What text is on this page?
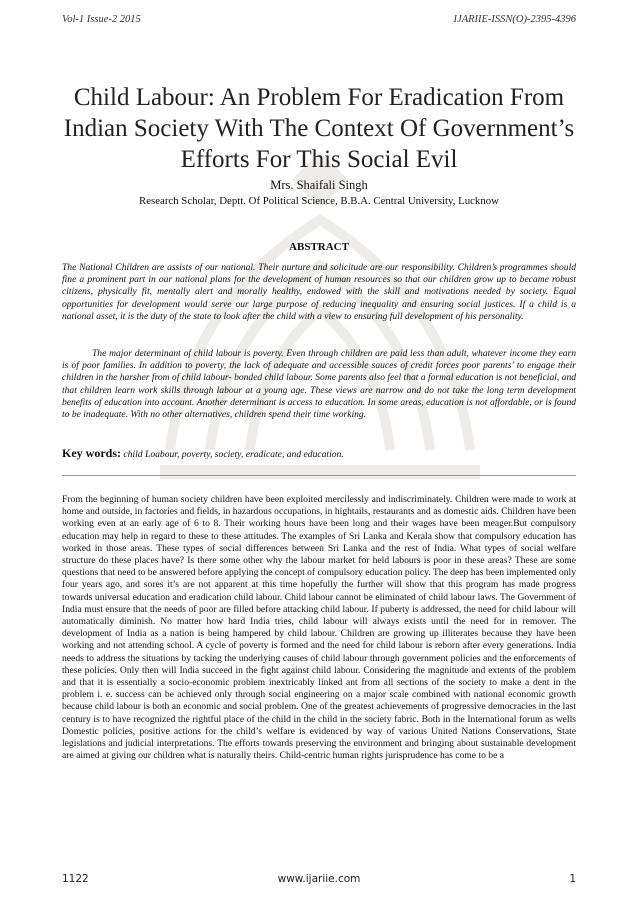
Vol-1 Issue-2 2015	IJARIIE-ISSN(O)-2395-4396
Child Labour: An Problem For Eradication From Indian Society With The Context Of Government’s Efforts For This Social Evil
Mrs. Shaifali Singh
Research Scholar, Deptt. Of Political Science, B.B.A. Central University, Lucknow
ABSTRACT

The National Children are assists of our national. Their nurture and solicitude are our responsibility. Children’s programmes should fine a prominent part in our national plans for the development of human resources so that our children grow up to became robust citizens, physically fit, mentally alert and morally healthy, endowed with the skill and motivations needed by society. Equal opportunities for development would serve our large purpose of reducing inequality and ensuring social justices. If a child is a national asset, it is the duty of the state to look after the child with a view to ensuring full development of his personality.

The major determinant of child labour is poverty. Even through children are paid less than adult, whatever income they earn is of poor families. In addition to poverty, the lack of adequate and accessible sauces of credit forces poor parents’ to engage their children in the harsher from of child labour- bonded child labour. Some parents also feel that a formal education is not beneficial, and that children learn work skills through labour at a young age. These views are narrow and do not take the long term development benefits of education into account. Another determinant is access to education. In some areas, education is not affordable, or is found to be inadequate. With no other alternatives, children spend their time working.

Key words: child Loabour, poverty, society, eradicate, and education.

From the beginning of human society children have been exploited mercilessly and indiscriminately. Children were made to work at home and outside, in factories and fields, in hazardous occupations, in hightails, restaurants and as domestic aids. Children have been working even at an early age of 6 to 8. Their working hours have been long and their wages have been meager.But compulsory education may help in regard to these to these attitudes. The examples of Sri Lanka and Kerala show that compulsory education has worked in those areas. These types of social differences between Sri Lanka and the rest of India. What types of social welfare structure do these places have? Is there some other why the labour market for held labours is poor in these areas? These are some questions that need to be answered before applying the concept of compulsory education policy. The deep has been implemented only four years ago, and sores it’s are not apparent at this time hopefully the further will show that this program has made progress towards universal education and eradication child labour. Child labour cannot be eliminated of child labour laws. The Government of India must ensure that the needs of poor are filled before attacking child labour. If puberty is addressed, the need for child labour will automatically diminish. No matter how hard India tries, child labour will always exists until the need for in remover. The development of India as a nation is being hampered by child labour. Children are growing up illiterates because they have been working and not attending school. A cycle of poverty is formed and the need for child labour is reborn after every generations. India needs to address the situations by tacking the underlying causes of child labour through government policies and the enforcements of these policies. Only then will India succeed in the fight against child labour. Considering the magnitude and extents of the problem and that it is essentially a socio-economic problem inextricably linked ant from all sections of the society to make a dent in the problem i. e. success can be achieved only through social engineering on a major scale combined with national economic growth because child labour is both an economic and social problem. One of the greatest achievements of progressive democracies in the last century is to have recognized the rightful place of the child in the child in the society fabric. Both in the International forum as wells Domestic policies, positive actions for the child’s welfare is evidenced by way of various United Nations Conservations, State legislations and judicial interpretations. The efforts towards preserving the environment and bringing about sustainable development are aimed at giving our children what is naturally theirs. Child-centric human rights jurisprudence has come to be a

1122	www.ijariie.com	1
